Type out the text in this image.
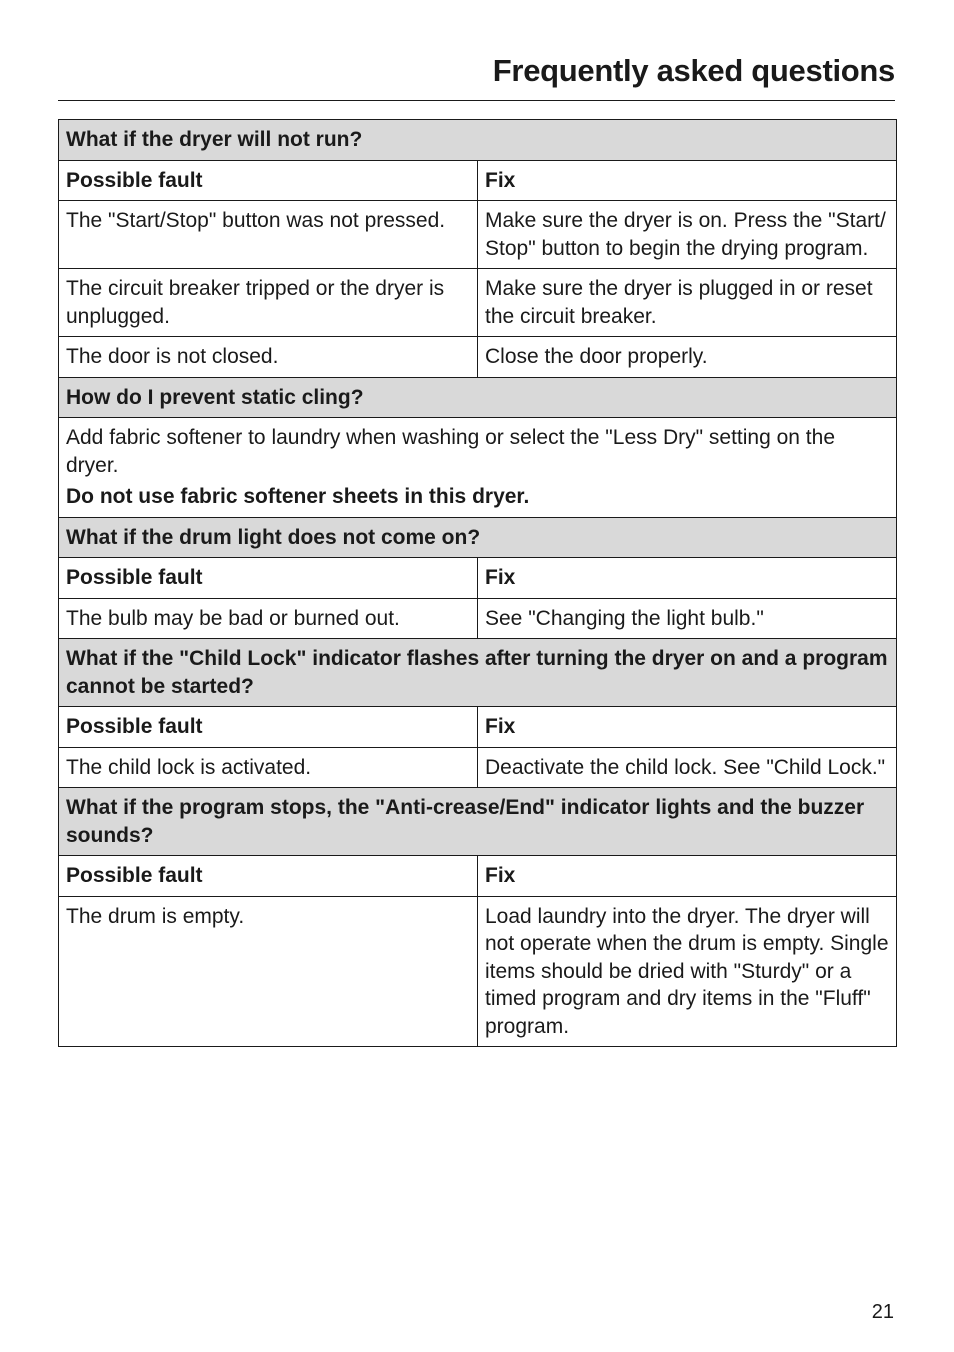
Frequently asked questions
What if the dryer will not run?	
Possible fault	Fix
The "Start/Stop" button was not pressed.	Make sure the dryer is on. Press the "Start/ Stop" button to begin the drying program.
The circuit breaker tripped or the dryer is unplugged.	Make sure the dryer is plugged in or reset the circuit breaker.
The door is not closed.	Close the door properly.
How do I prevent static cling?	

Add fabric softener to laundry when washing or select the "Less Dry" setting on the dryer.
Do not use fabric softener sheets in this dryer.	

What if the drum light does not come on?	
Possible fault	Fix
The bulb may be bad or burned out.	See "Changing the light bulb."
What if the "Child Lock" indicator flashes after turning the dryer on and a program cannot be started?	
Possible fault	Fix
The child lock is activated.	Deactivate the child lock. See "Child Lock."
What if the program stops, the "Anti-crease/End" indicator lights and the buzzer sounds?	
Possible fault	Fix
The drum is empty.	Load laundry into the dryer. The dryer will not operate when the drum is empty. Single items should be dried with "Sturdy" or a timed program and dry items in the "Fluff" program.
21
